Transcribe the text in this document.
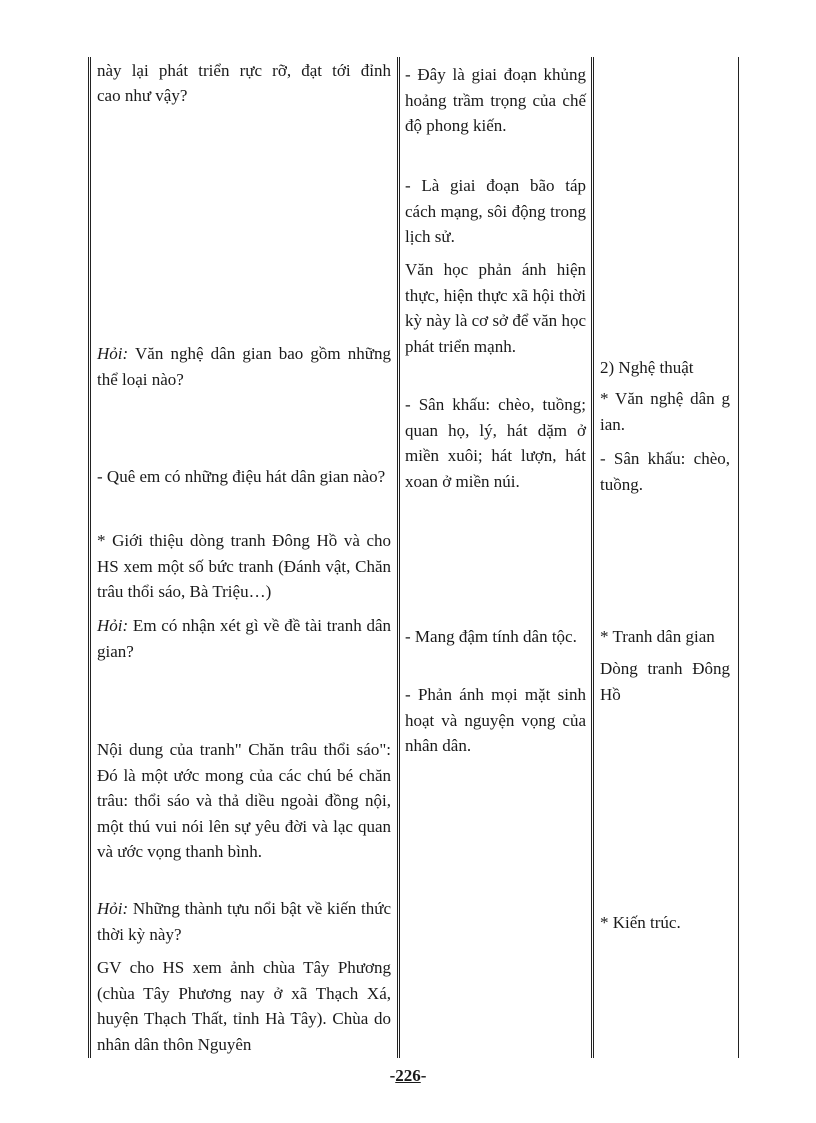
này lại phát triển rực rỡ, đạt tới đỉnh

cao như vậy?

Hỏi: Văn nghệ dân gian bao gồm những thể loại nào?

- Quê em có những điệu hát dân gian nào?

* Giới thiệu dòng tranh Đông Hồ và cho HS xem một số bức tranh (Đánh vật, Chăn trâu thổi sáo, Bà Triệu…)

Hỏi: Em có nhận xét gì về đề tài tranh dân gian?

Nội dung của tranh" Chăn trâu thổi sáo": Đó là một ước mong của các chú bé chăn trâu: thổi sáo và thả diều ngoài đồng nội, một thú vui nói lên sự yêu đời và lạc quan và ước vọng thanh bình.

Hỏi: Những thành tựu nổi bật về kiến thức thời kỳ này?

GV cho HS xem ảnh chùa Tây Phương (chùa Tây Phương nay ở xã Thạch Xá, huyện Thạch Thất, tỉnh Hà Tây). Chùa do nhân dân thôn Nguyên

- Đây là giai đoạn khủng hoảng trầm trọng của chế độ phong kiến.

- Là giai đoạn bão táp cách mạng, sôi động trong lịch sử.

Văn học phản ánh hiện thực, hiện thực xã hội thời kỳ này là cơ sở để văn học phát triển mạnh.

- Sân khấu: chèo, tuồng; quan họ, lý, hát dặm ở miền xuôi; hát lượn, hát xoan ở miền núi.

- Mang đậm tính dân tộc.

- Phản ánh mọi mặt sinh hoạt và nguyện vọng của nhân dân.

2) Nghệ thuật

* Văn nghệ dân g ian.

- Sân khấu: chèo, tuồng.

* Tranh dân gian

Dòng tranh Đông Hồ

* Kiến trúc.

-226-
